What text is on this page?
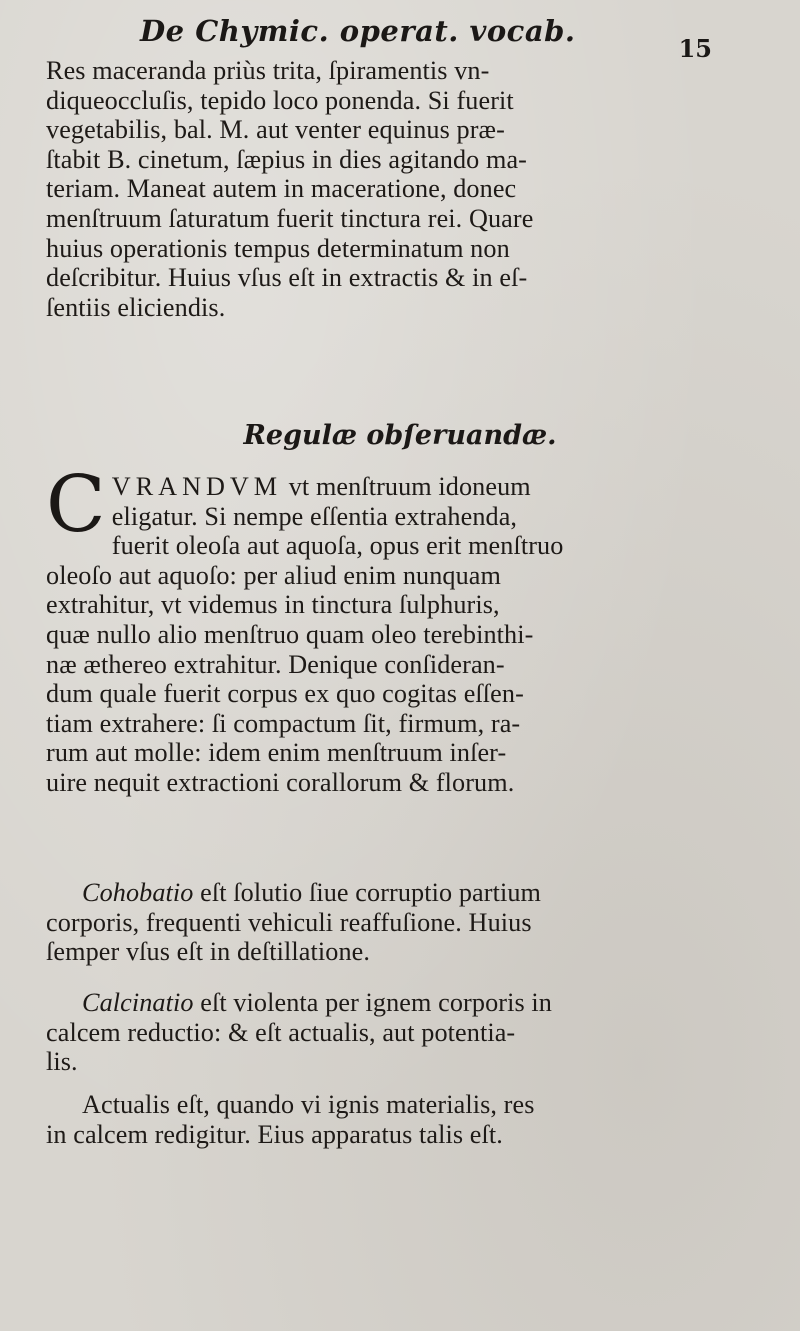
De Chymic. operat. vocab.
15
Res maceranda priùs trita, ſpiramentis vn-
diqueoccluſis, tepido loco ponenda. Si fuerit
vegetabilis, bal. M. aut venter equinus præ-
ſtabit B. cinetum, ſæpius in dies agitando ma-
teriam. Maneat autem in maceratione, donec
menſtruum ſaturatum fuerit tinctura rei. Quare
huius operationis tempus determinatum non
deſcribitur. Huius vſus eſt in extractis & in eſ-
ſentiis eliciendis.
Regulæ obſeruandæ.
C VRANDVM vt menſtruum idoneum
eligatur. Si nempe eſſentia extrahenda,
fuerit oleoſa aut aquoſa, opus erit menſtruo
oleoſo aut aquoſo: per aliud enim nunquam
extrahitur, vt videmus in tinctura ſulphuris,
quæ nullo alio menſtruo quam oleo terebinthi-
næ æthereo extrahitur. Denique conſideran-
dum quale fuerit corpus ex quo cogitas eſſen-
tiam extrahere: ſi compactum ſit, firmum, ra-
rum aut molle: idem enim menſtruum inſer-
uire nequit extractioni corallorum & florum.
Cohobatio eſt ſolutio ſiue corruptio partium
corporis, frequenti vehiculi reaffuſione. Huius
ſemper vſus eſt in deſtillatione.
Calcinatio eſt violenta per ignem corporis in
calcem reductio: & eſt actualis, aut potentia-
lis.
Actualis eſt, quando vi ignis materialis, res
in calcem redigitur. Eius apparatus talis eſt.
